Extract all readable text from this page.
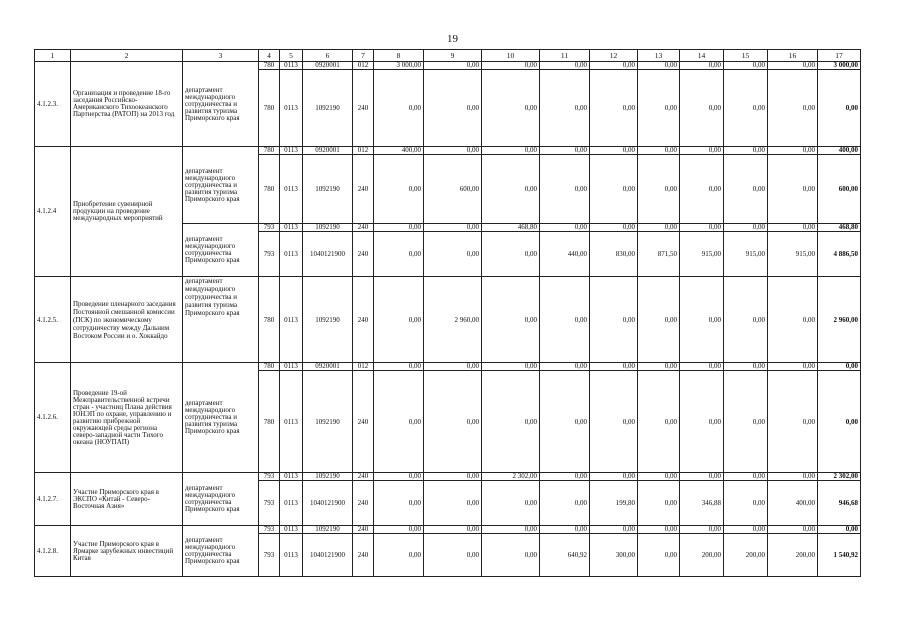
19
1	2	3	4	5	6	7	8	9	10	11	12	13	14	15	16	17
4.1.2.3.	Организация и проведение 18-го заседания Российско-Американского Тихоокеанского Партнерства (РАТОП) на 2013 год	департамент международного сотрудничества и развития туризма Приморского края	780	0113	0920001	012	3 000,00	0,00	0,00	0,00	0,00	0,00	0,00	0,00	0,00	3 000,00
			780	0113	1092190	240	0,00	0,00	0,00	0,00	0,00	0,00	0,00	0,00	0,00	0,00
4.1.2.4	Приобретение сувенирной продукции на проведение международных мероприятий	департамент международного сотрудничества и развития туризма Приморского края	780	0113	0920001	012	400,00	0,00	0,00	0,00	0,00	0,00	0,00	0,00	0,00	400,00
			780	0113	1092190	240	0,00	600,00	0,00	0,00	0,00	0,00	0,00	0,00	0,00	600,00
		департамент международного сотрудничества Приморского края	793	0113	1092190	240	0,00	0,00	468,80	0,00	0,00	0,00	0,00	0,00	0,00	468,80
			793	0113	1040121900	240	0,00	0,00	0,00	440,00	830,00	871,50	915,00	915,00	915,00	4 886,50
4.1.2.5.	Проведение пленарного заседания Постоянной смешанной комиссии (ПСК) по экономическому сотрудничеству между Дальним Востоком России и о. Хоккайдо	департамент международного сотрудничества и развития туризма Приморского края	780	0113	1092190	240	0,00	2 960,00	0,00	0,00	0,00	0,00	0,00	0,00	0,00	2 960,00
4.1.2.6.	Проведение 19-ой Межправительственной встречи стран - участниц Плана действия ЮНЭП по охране, управлению и развитию прибрежной окружающей среды региона северо-западной части Тихого океана (НОУПАП)	департамент международного сотрудничества и развития туризма Приморского края	780	0113	0920001	012	0,00	0,00	0,00	0,00	0,00	0,00	0,00	0,00	0,00	0,00
			780	0113	1092190	240	0,00	0,00	0,00	0,00	0,00	0,00	0,00	0,00	0,00	0,00
4.1.2.7.	Участие Приморского края в ЭКСПО «Китай - Северо-Восточная Азия»	департамент международного сотрудничества Приморского края	793	0113	1092190	240	0,00	0,00	2 302,00	0,00	0,00	0,00	0,00	0,00	0,00	2 302,00
			793	0113	1040121900	240	0,00	0,00	0,00	0,00	199,80	0,00	346,88	0,00	400,00	946,68
4.1.2.8.	Участие Приморского края в Ярмарке зарубежных инвестиций Китая	департамент международного сотрудничества Приморского края	793	0113	1092190	240	0,00	0,00	0,00	0,00	0,00	0,00	0,00	0,00	0,00	0,00
			793	0113	1040121900	240	0,00	0,00	0,00	640,92	300,00	0,00	200,00	200,00	200,00	1 540,92
